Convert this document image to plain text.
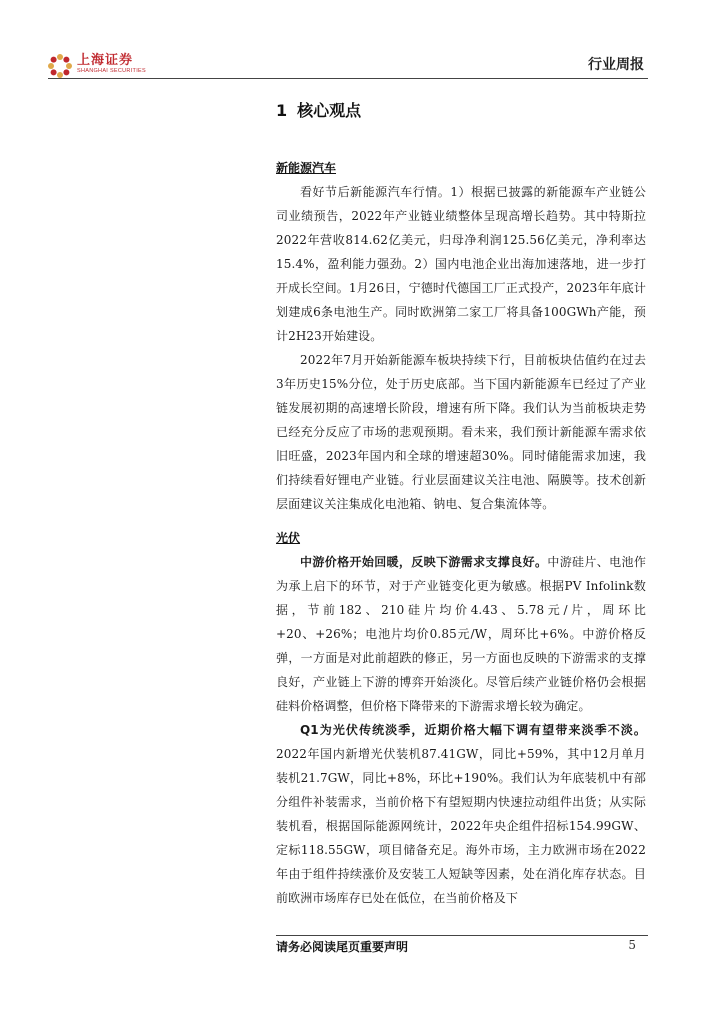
上海证券
SHANGHAI SECURITIES	行业周报
1 核心观点
新能源汽车

看好节后新能源汽车行情。1）根据已披露的新能源车产业链公司业绩预告，2022年产业链业绩整体呈现高增长趋势。其中特斯拉2022年营收814.62亿美元，归母净利润125.56亿美元，净利率达15.4%，盈利能力强劲。2）国内电池企业出海加速落地，进一步打开成长空间。1月26日，宁德时代德国工厂正式投产，2023年年底计划建成6条电池生产。同时欧洲第二家工厂将具备100GWh产能，预计2H23开始建设。

2022年7月开始新能源车板块持续下行，目前板块估值约在过去3年历史15%分位，处于历史底部。当下国内新能源车已经过了产业链发展初期的高速增长阶段，增速有所下降。我们认为当前板块走势已经充分反应了市场的悲观预期。看未来，我们预计新能源车需求依旧旺盛，2023年国内和全球的增速超30%。同时储能需求加速，我们持续看好锂电产业链。行业层面建议关注电池、隔膜等。技术创新层面建议关注集成化电池箱、钠电、复合集流体等。

光伏

中游价格开始回暖，反映下游需求支撑良好。中游硅片、电池作为承上启下的环节，对于产业链变化更为敏感。根据PV Infolink数据，节前182、210硅片均价4.43、5.78元/片，周环比+20、+26%；电池片均价0.85元/W，周环比+6%。中游价格反弹，一方面是对此前超跌的修正，另一方面也反映的下游需求的支撑良好，产业链上下游的博弈开始淡化。尽管后续产业链价格仍会根据硅料价格调整，但价格下降带来的下游需求增长较为确定。

Q1为光伏传统淡季，近期价格大幅下调有望带来淡季不淡。2022年国内新增光伏装机87.41GW，同比+59%，其中12月单月装机21.7GW，同比+8%，环比+190%。我们认为年底装机中有部分组件补装需求，当前价格下有望短期内快速拉动组件出货；从实际装机看，根据国际能源网统计，2022年央企组件招标154.99GW、定标118.55GW，项目储备充足。海外市场，主力欧洲市场在2022年由于组件持续涨价及安装工人短缺等因素，处在消化库存状态。目前欧洲市场库存已处在低位，在当前价格及下

请务必阅读尾页重要声明	5
